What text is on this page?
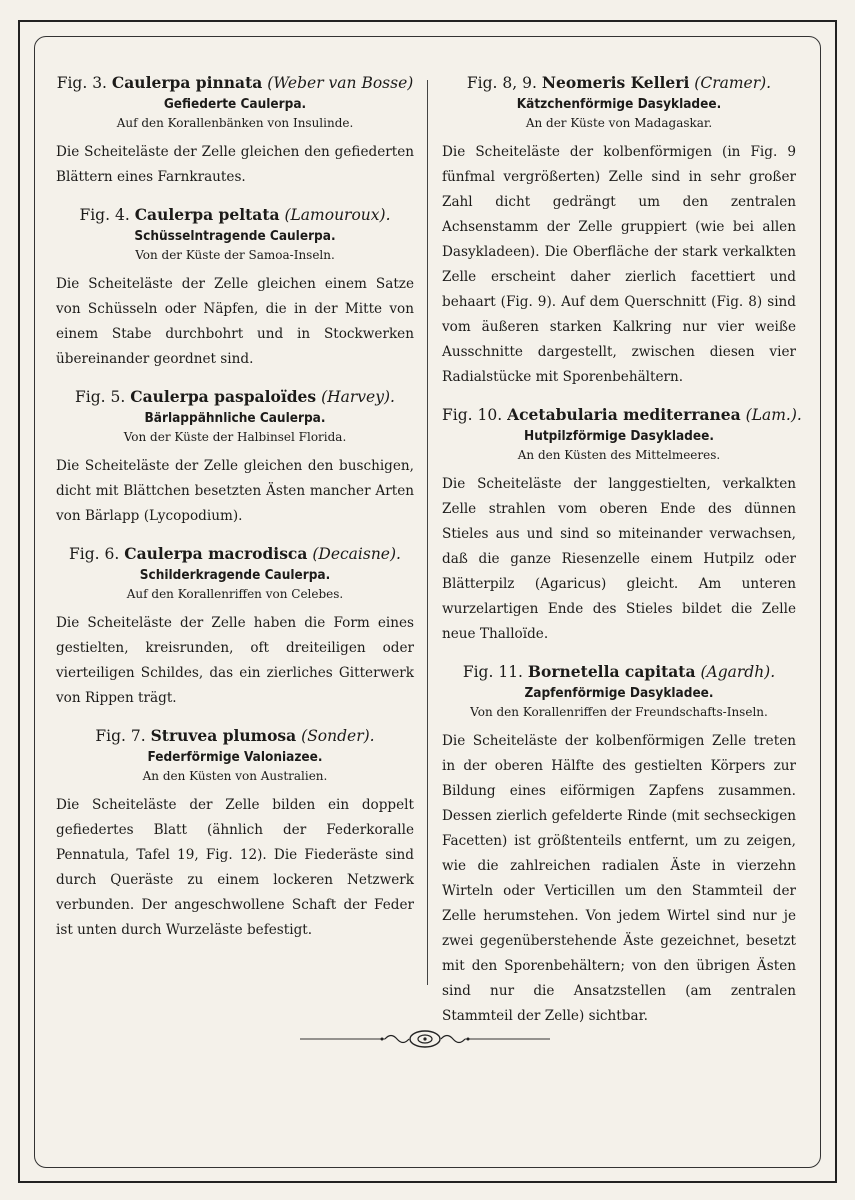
Fig. 3. Caulerpa pinnata (Weber van Bosse)
Gefiederte Caulerpa.
Auf den Korallenbänken von Insulinde.

Die Scheiteläste der Zelle gleichen den gefiederten Blättern eines Farnkrautes.

Fig. 4. Caulerpa peltata (Lamouroux).
Schüsselntragende Caulerpa.
Von der Küste der Samoa-Inseln.

Die Scheiteläste der Zelle gleichen einem Satze von Schüsseln oder Näpfen, die in der Mitte von einem Stabe durchbohrt und in Stockwerken übereinander geordnet sind.

Fig. 5. Caulerpa paspaloïdes (Harvey).
Bärlappähnliche Caulerpa.
Von der Küste der Halbinsel Florida.

Die Scheiteläste der Zelle gleichen den buschigen, dicht mit Blättchen besetzten Ästen mancher Arten von Bärlapp (Lycopodium).

Fig. 6. Caulerpa macrodisca (Decaisne).
Schilderkragende Caulerpa.
Auf den Korallenriffen von Celebes.

Die Scheiteläste der Zelle haben die Form eines gestielten, kreisrunden, oft dreiteiligen oder vierteiligen Schildes, das ein zierliches Gitterwerk von Rippen trägt.

Fig. 7. Struvea plumosa (Sonder).
Federförmige Valoniazee.
An den Küsten von Australien.

Die Scheiteläste der Zelle bilden ein doppelt gefiedertes Blatt (ähnlich der Federkoralle Pennatula, Tafel 19, Fig. 12). Die Fiederäste sind durch Queräste zu einem lockeren Netzwerk verbunden. Der angeschwollene Schaft der Feder ist unten durch Wurzeläste befestigt.

Fig. 8, 9. Neomeris Kelleri (Cramer).
Kätzchenförmige Dasykladee.
An der Küste von Madagaskar.

Die Scheiteläste der kolbenförmigen (in Fig. 9 fünfmal vergrößerten) Zelle sind in sehr großer Zahl dicht gedrängt um den zentralen Achsenstamm der Zelle gruppiert (wie bei allen Dasykladeen). Die Oberfläche der stark verkalkten Zelle erscheint daher zierlich facettiert und behaart (Fig. 9). Auf dem Querschnitt (Fig. 8) sind vom äußeren starken Kalkring nur vier weiße Ausschnitte dargestellt, zwischen diesen vier Radialstücke mit Sporenbehältern.

Fig. 10. Acetabularia mediterranea (Lam.).
Hutpilzförmige Dasykladee.
An den Küsten des Mittelmeeres.

Die Scheiteläste der langgestielten, verkalkten Zelle strahlen vom oberen Ende des dünnen Stieles aus und sind so miteinander verwachsen, daß die ganze Riesenzelle einem Hutpilz oder Blätterpilz (Agaricus) gleicht. Am unteren wurzelartigen Ende des Stieles bildet die Zelle neue Thalloïde.

Fig. 11. Bornetella capitata (Agardh).
Zapfenförmige Dasykladee.
Von den Korallenriffen der Freundschafts-Inseln.

Die Scheiteläste der kolbenförmigen Zelle treten in der oberen Hälfte des gestielten Körpers zur Bildung eines eiförmigen Zapfens zusammen. Dessen zierlich gefelderte Rinde (mit sechseckigen Facetten) ist größtenteils entfernt, um zu zeigen, wie die zahlreichen radialen Äste in vierzehn Wirteln oder Verticillen um den Stammteil der Zelle herumstehen. Von jedem Wirtel sind nur je zwei gegenüberstehende Äste gezeichnet, besetzt mit den Sporenbehältern; von den übrigen Ästen sind nur die Ansatzstellen (am zentralen Stammteil der Zelle) sichtbar.
